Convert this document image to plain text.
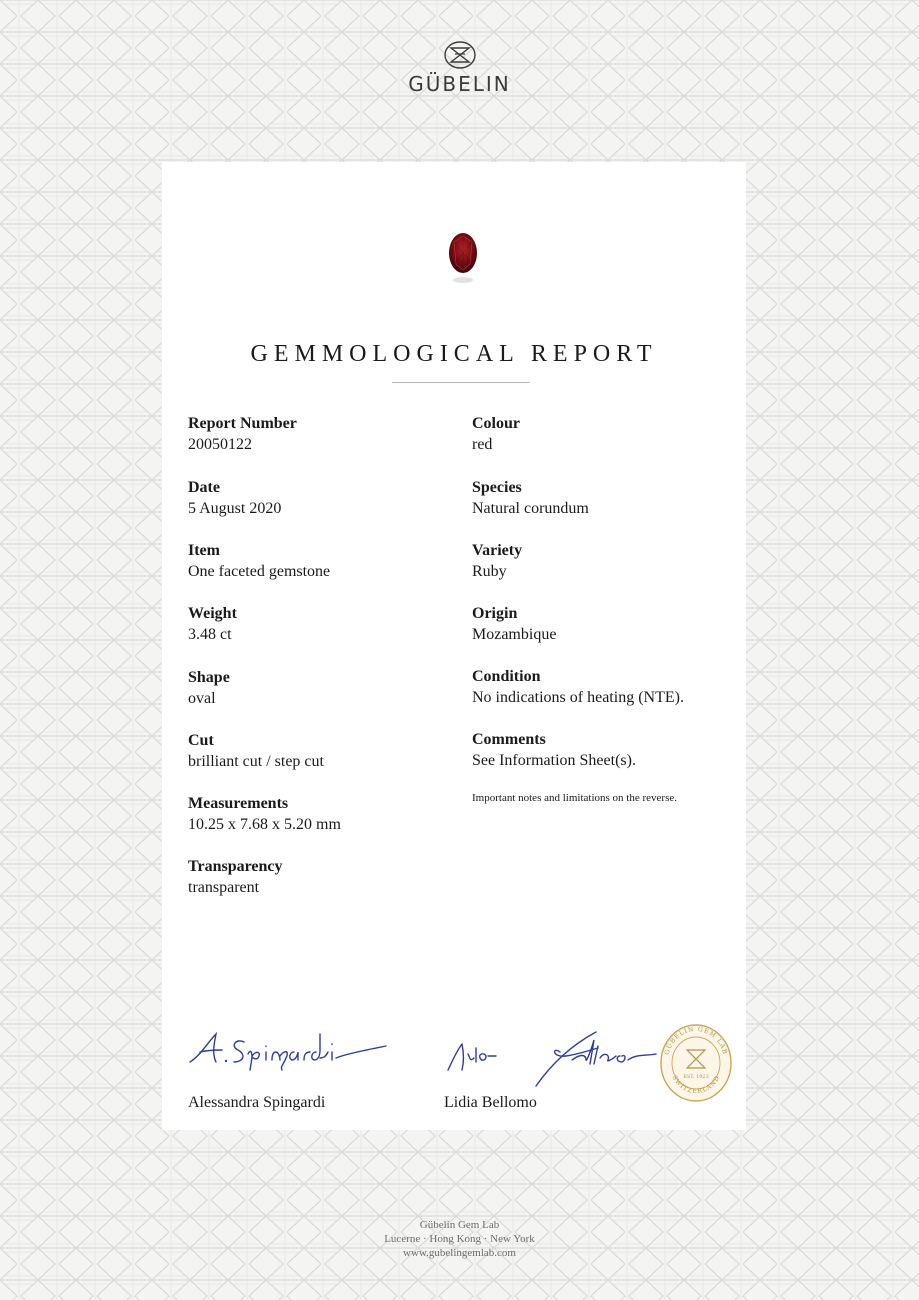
GÜBELIN
GEMMOLOGICAL REPORT
Report Number
20050122
Date
5 August 2020
Item
One faceted gemstone
Weight
3.48 ct
Shape
oval
Cut
brilliant cut / step cut
Measurements
10.25 x 7.68 x 5.20 mm
Transparency
transparent
Colour
red
Species
Natural corundum
Variety
Ruby
Origin
Mozambique
Condition
No indications of heating (NTE).
Comments
See Information Sheet(s).
Important notes and limitations on the reverse.
Alessandra Spingardi	Lidia Bellomo
GÜBELIN GEM LAB
SWITZERLAND
EST. 1923
Gübelin Gem Lab
Lucerne · Hong Kong · New York
www.gubelingemlab.com
